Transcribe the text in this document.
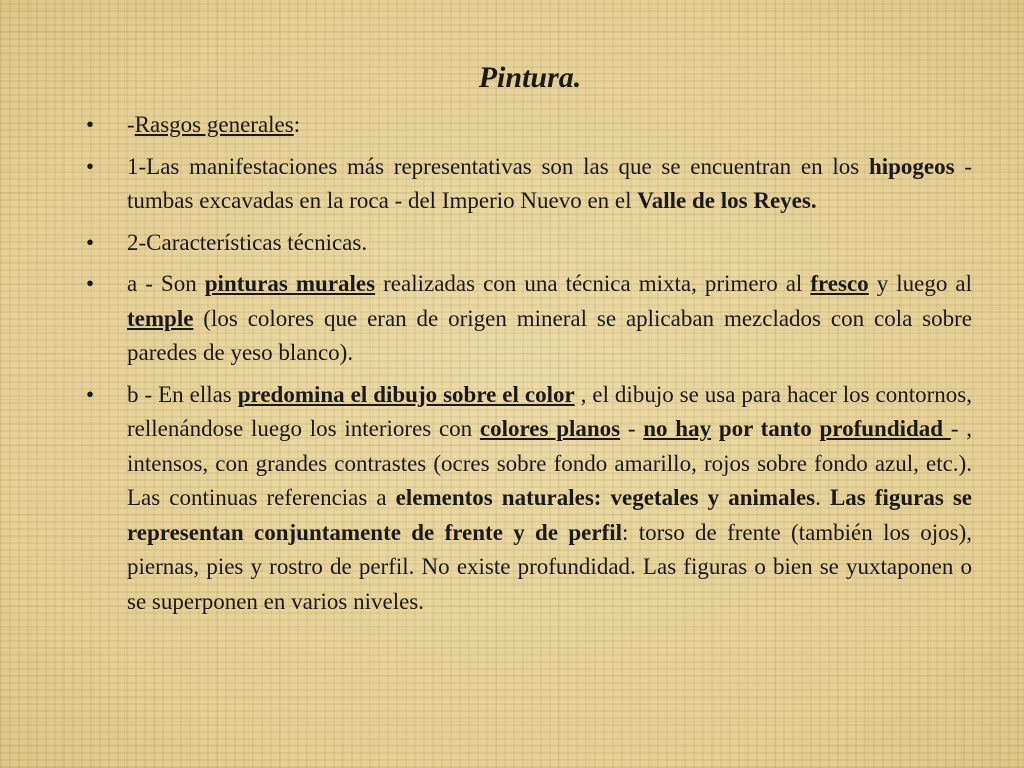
Pintura.
• -Rasgos generales:
• 1-Las manifestaciones más representativas son las que se encuentran en los hipogeos - tumbas excavadas en la roca - del Imperio Nuevo en el Valle de los Reyes.
• 2-Características técnicas.
• a - Son pinturas murales realizadas con una técnica mixta, primero al fresco y luego al temple (los colores que eran de origen mineral se aplicaban mezclados con cola sobre paredes de yeso blanco).
• b - En ellas predomina el dibujo sobre el color , el dibujo se usa para hacer los contornos, rellenándose luego los interiores con colores planos - no hay por tanto profundidad - , intensos, con grandes contrastes (ocres sobre fondo amarillo, rojos sobre fondo azul, etc.). Las continuas referencias a elementos naturales: vegetales y animales. Las figuras se representan conjuntamente de frente y de perfil: torso de frente (también los ojos), piernas, pies y rostro de perfil. No existe profundidad. Las figuras o bien se yuxtaponen o se superponen en varios niveles.
